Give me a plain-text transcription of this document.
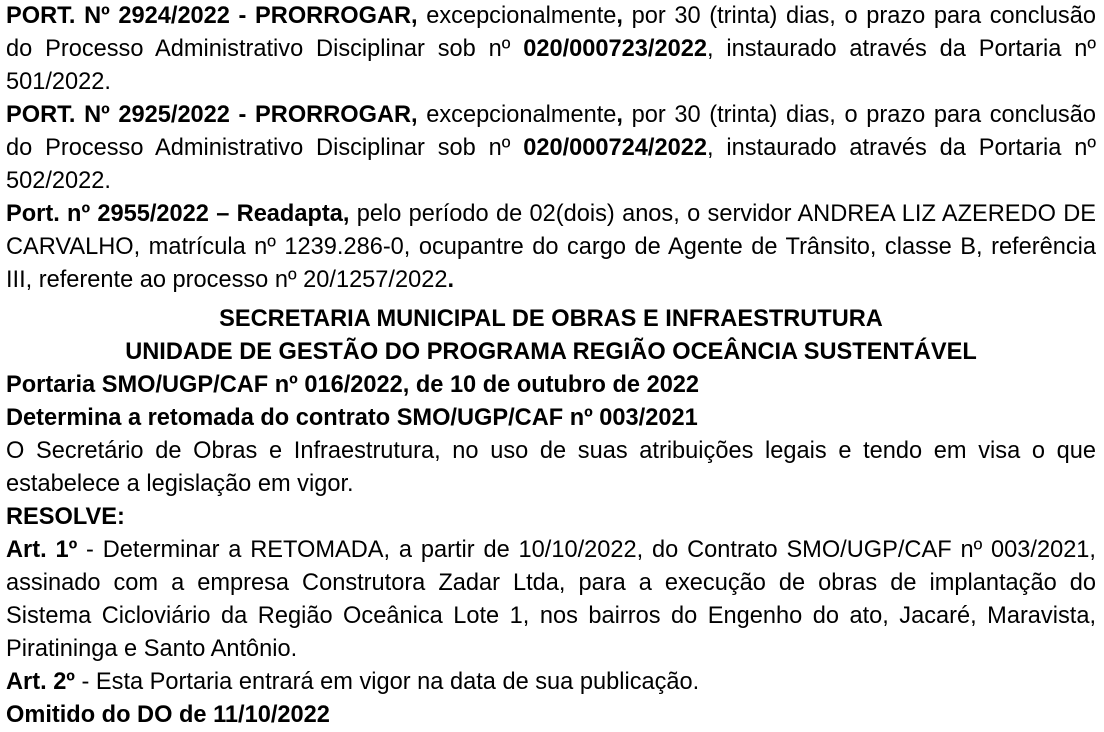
PORT. Nº 2924/2022 - PRORROGAR, excepcionalmente, por 30 (trinta) dias, o prazo para conclusão do Processo Administrativo Disciplinar sob nº 020/000723/2022, instaurado através da Portaria nº 501/2022.

PORT. Nº 2925/2022 - PRORROGAR, excepcionalmente, por 30 (trinta) dias, o prazo para conclusão do Processo Administrativo Disciplinar sob nº 020/000724/2022, instaurado através da Portaria nº 502/2022.

Port. nº 2955/2022 – Readapta, pelo período de 02(dois) anos, o servidor ANDREA LIZ AZEREDO DE CARVALHO, matrícula nº 1239.286-0, ocupantre do cargo de Agente de Trânsito, classe B, referência III, referente ao processo nº 20/1257/2022.

SECRETARIA MUNICIPAL DE OBRAS E INFRAESTRUTURA

UNIDADE DE GESTÃO DO PROGRAMA REGIÃO OCEÂNCIA SUSTENTÁVEL

Portaria SMO/UGP/CAF nº 016/2022, de 10 de outubro de 2022

Determina a retomada do contrato SMO/UGP/CAF nº 003/2021

O Secretário de Obras e Infraestrutura, no uso de suas atribuições legais e tendo em visa o que estabelece a legislação em vigor.

RESOLVE:

Art. 1º - Determinar a RETOMADA, a partir de 10/10/2022, do Contrato SMO/UGP/CAF nº 003/2021, assinado com a empresa Construtora Zadar Ltda, para a execução de obras de implantação do Sistema Cicloviário da Região Oceânica Lote 1, nos bairros do Engenho do ato, Jacaré, Maravista, Piratininga e Santo Antônio.

Art. 2º - Esta Portaria entrará em vigor na data de sua publicação.

Omitido do DO de 11/10/2022
